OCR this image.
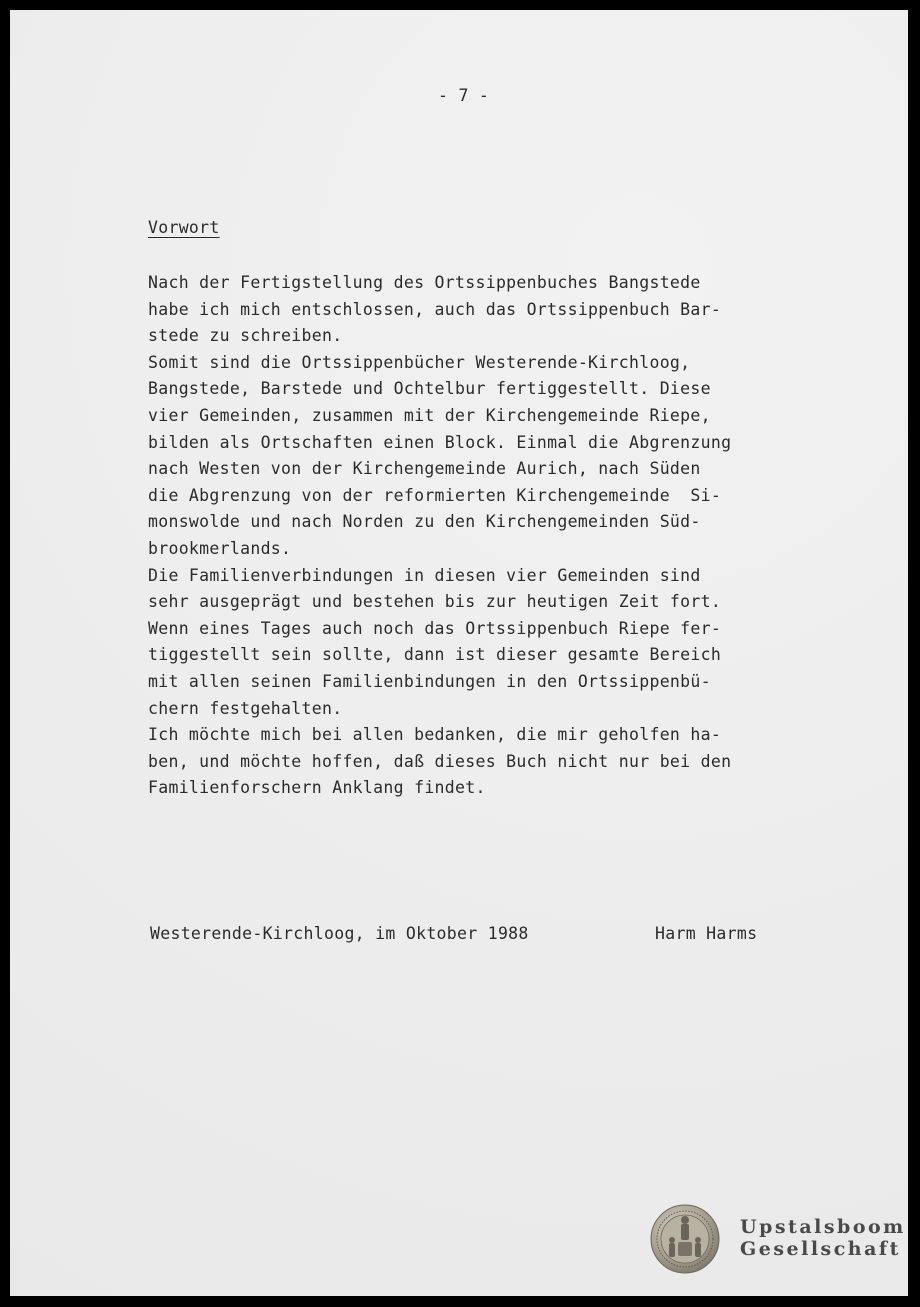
- 7 -
Vorwort
Nach der Fertigstellung des Ortssippenbuches Bangstede
habe ich mich entschlossen, auch das Ortssippenbuch Bar-
stede zu schreiben.
Somit sind die Ortssippenbücher Westerende-Kirchloog,
Bangstede, Barstede und Ochtelbur fertiggestellt. Diese
vier Gemeinden, zusammen mit der Kirchengemeinde Riepe,
bilden als Ortschaften einen Block. Einmal die Abgrenzung
nach Westen von der Kirchengemeinde Aurich, nach Süden
die Abgrenzung von der reformierten Kirchengemeinde  Si-
monswolde und nach Norden zu den Kirchengemeinden Süd-
brookmerlands.
Die Familienverbindungen in diesen vier Gemeinden sind
sehr ausgeprägt und bestehen bis zur heutigen Zeit fort.
Wenn eines Tages auch noch das Ortssippenbuch Riepe fer-
tiggestellt sein sollte, dann ist dieser gesamte Bereich
mit allen seinen Familienbindungen in den Ortssippenbü-
chern festgehalten.
Ich möchte mich bei allen bedanken, die mir geholfen ha-
ben, und möchte hoffen, daß dieses Buch nicht nur bei den
Familienforschern Anklang findet.
Westerende-Kirchloog, im Oktober 1988	Harm Harms
Upstalsboom
Gesellschaft
